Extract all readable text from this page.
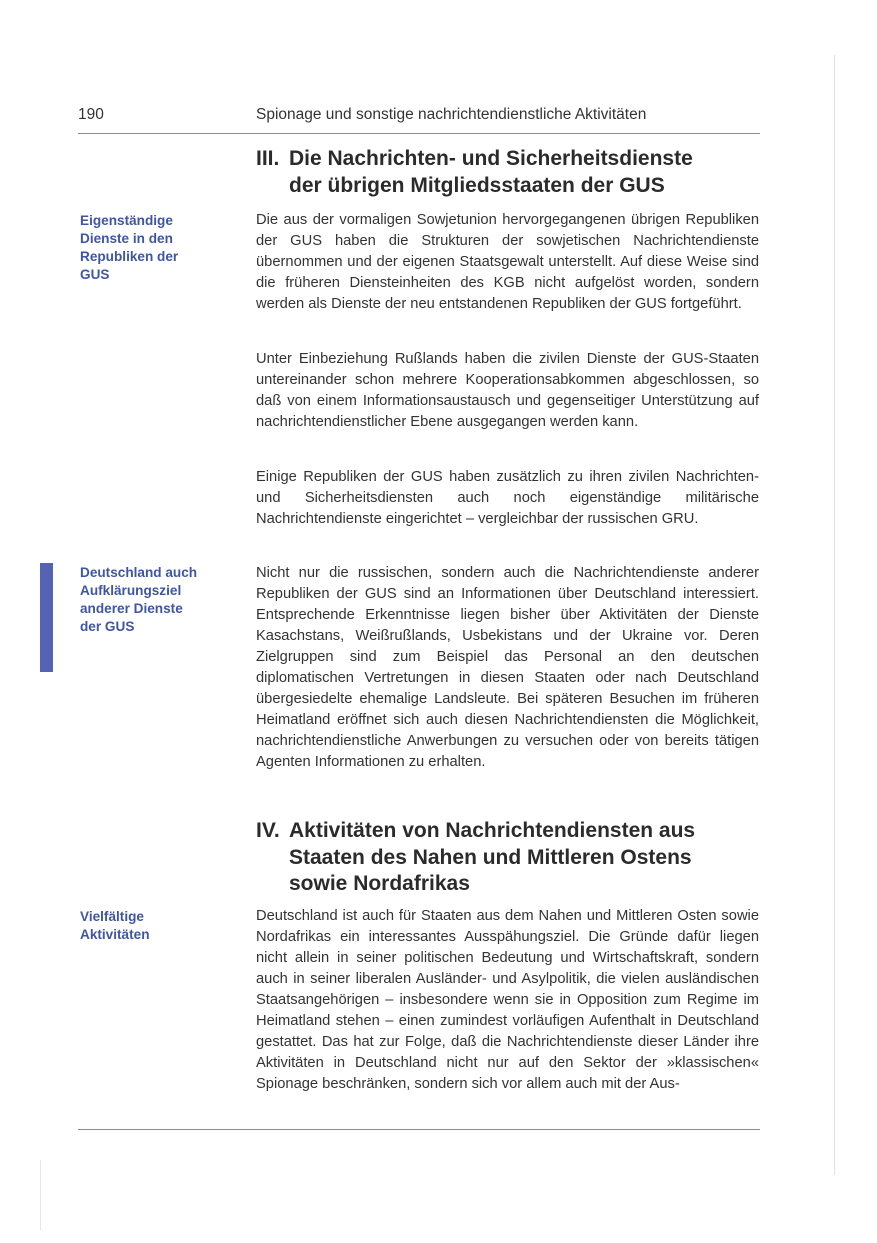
190	Spionage und sonstige nachrichtendienstliche Aktivitäten
III. Die Nachrichten- und Sicherheitsdienste
der übrigen Mitgliedsstaaten der GUS
Eigenständige
Dienste in den
Republiken der
GUS

Die aus der vormaligen Sowjetunion hervorgegangenen übrigen Republiken der GUS haben die Strukturen der sowjetischen Nachrichtendienste übernommen und der eigenen Staatsgewalt unterstellt. Auf diese Weise sind die früheren Diensteinheiten des KGB nicht aufgelöst worden, sondern werden als Dienste der neu entstandenen Republiken der GUS fortgeführt.

Unter Einbeziehung Rußlands haben die zivilen Dienste der GUS-Staaten untereinander schon mehrere Kooperationsabkommen abgeschlossen, so daß von einem Informationsaustausch und gegenseitiger Unterstützung auf nachrichtendienstlicher Ebene ausgegangen werden kann.

Einige Republiken der GUS haben zusätzlich zu ihren zivilen Nachrichten- und Sicherheitsdiensten auch noch eigenständige militärische Nachrichtendienste eingerichtet – vergleichbar der russischen GRU.

Deutschland auch
Aufklärungsziel
anderer Dienste
der GUS

Nicht nur die russischen, sondern auch die Nachrichtendienste anderer Republiken der GUS sind an Informationen über Deutschland interessiert. Entsprechende Erkenntnisse liegen bisher über Aktivitäten der Dienste Kasachstans, Weißrußlands, Usbekistans und der Ukraine vor. Deren Zielgruppen sind zum Beispiel das Personal an den deutschen diplomatischen Vertretungen in diesen Staaten oder nach Deutschland übergesiedelte ehemalige Landsleute. Bei späteren Besuchen im früheren Heimatland eröffnet sich auch diesen Nachrichtendiensten die Möglichkeit, nachrichtendienstliche Anwerbungen zu versuchen oder von bereits tätigen Agenten Informationen zu erhalten.

IV. Aktivitäten von Nachrichtendiensten aus
Staaten des Nahen und Mittleren Ostens
sowie Nordafrikas
Vielfältige
Aktivitäten

Deutschland ist auch für Staaten aus dem Nahen und Mittleren Osten sowie Nordafrikas ein interessantes Ausspähungsziel. Die Gründe dafür liegen nicht allein in seiner politischen Bedeutung und Wirtschaftskraft, sondern auch in seiner liberalen Ausländer- und Asylpolitik, die vielen ausländischen Staatsangehörigen – insbesondere wenn sie in Opposition zum Regime im Heimatland stehen – einen zumindest vorläufigen Aufenthalt in Deutschland gestattet. Das hat zur Folge, daß die Nachrichtendienste dieser Länder ihre Aktivitäten in Deutschland nicht nur auf den Sektor der »klassischen« Spionage beschränken, sondern sich vor allem auch mit der Aus-
